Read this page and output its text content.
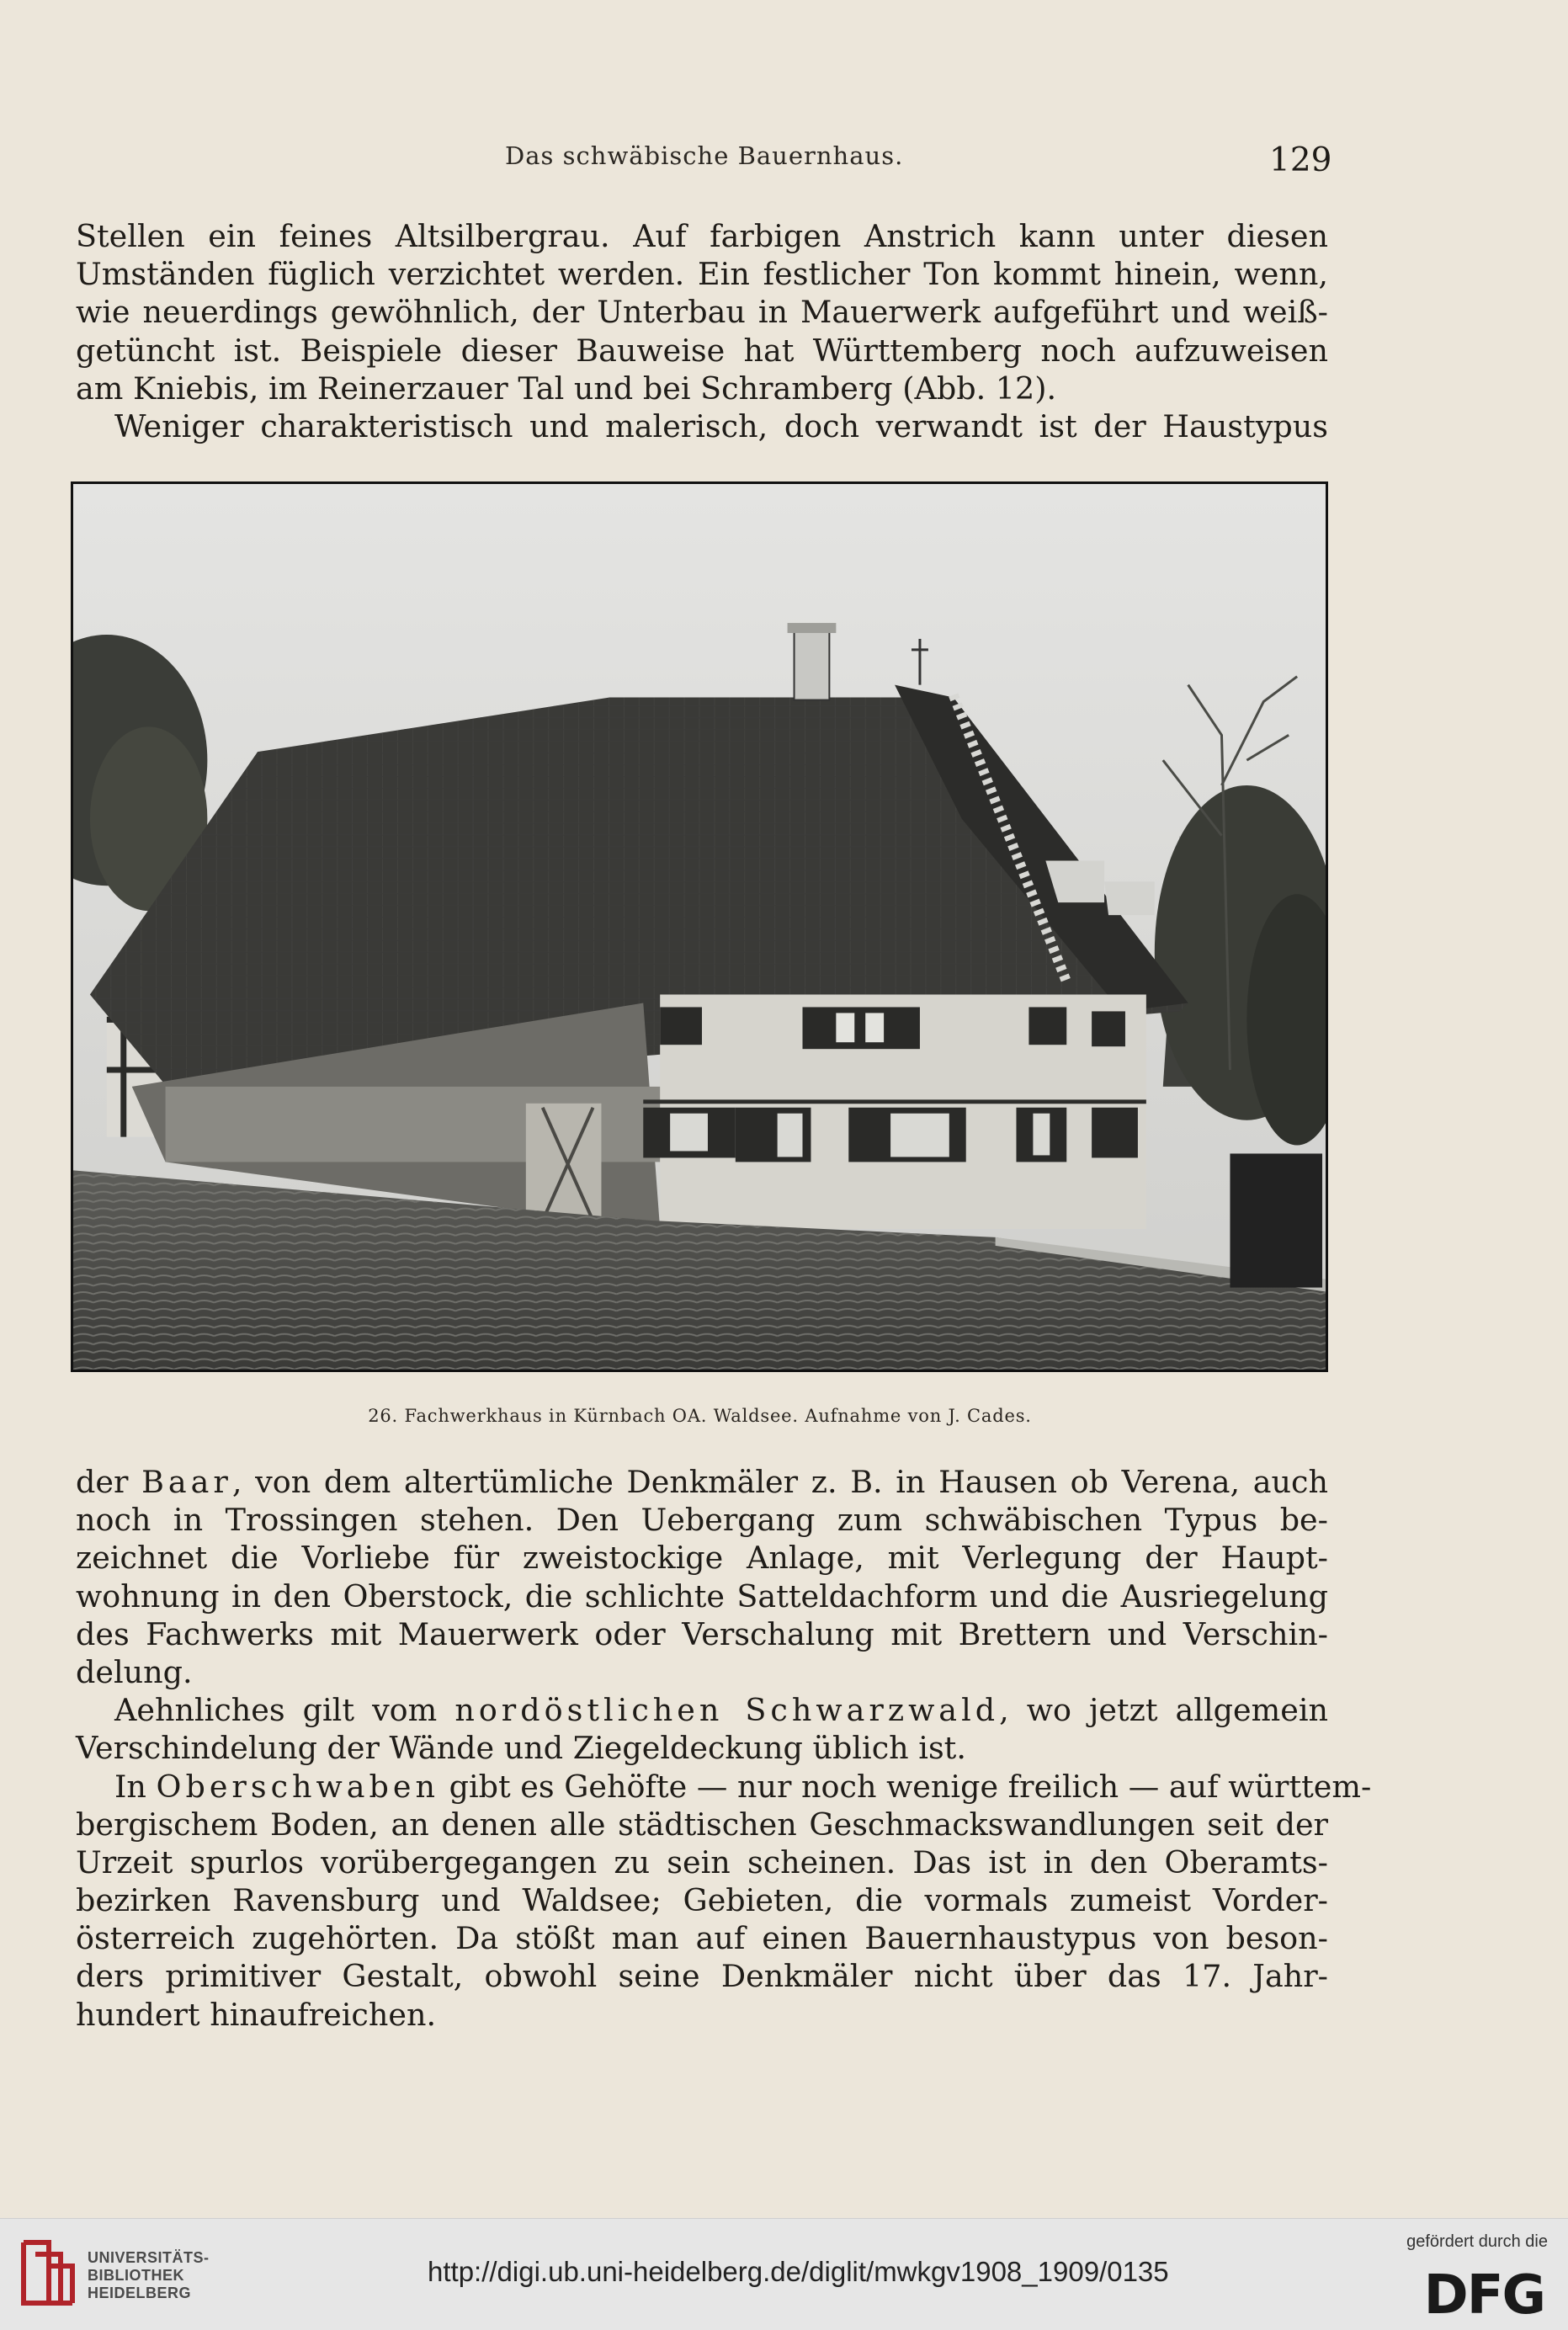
Das schwäbische Bauernhaus.	129
Stellen ein feines Altsilbergrau. Auf farbigen Anstrich kann unter diesen
Umständen füglich verzichtet werden. Ein festlicher Ton kommt hinein, wenn,
wie neuerdings gewöhnlich, der Unterbau in Mauerwerk aufgeführt und weiß-
getüncht ist. Beispiele dieser Bauweise hat Württemberg noch aufzuweisen
am Kniebis, im Reinerzauer Tal und bei Schramberg (Abb. 12).
Weniger charakteristisch und malerisch, doch verwandt ist der Haustypus
26. Fachwerkhaus in Kürnbach OA. Waldsee. Aufnahme von J. Cades.
der Baar, von dem altertümliche Denkmäler z. B. in Hausen ob Verena, auch
noch in Trossingen stehen. Den Uebergang zum schwäbischen Typus be-
zeichnet die Vorliebe für zweistockige Anlage, mit Verlegung der Haupt-
wohnung in den Oberstock, die schlichte Satteldachform und die Ausriegelung
des Fachwerks mit Mauerwerk oder Verschalung mit Brettern und Verschin-
delung.
Aehnliches gilt vom nordöstlichen Schwarzwald, wo jetzt allgemein
Verschindelung der Wände und Ziegeldeckung üblich ist.
In Oberschwaben gibt es Gehöfte — nur noch wenige freilich — auf württem-
bergischem Boden, an denen alle städtischen Geschmackswandlungen seit der
Urzeit spurlos vorübergegangen zu sein scheinen. Das ist in den Oberamts-
bezirken Ravensburg und Waldsee; Gebieten, die vormals zumeist Vorder-
österreich zugehörten. Da stößt man auf einen Bauernhaustypus von beson-
ders primitiver Gestalt, obwohl seine Denkmäler nicht über das 17. Jahr-
hundert hinaufreichen.
UNIVERSITÄTS-
BIBLIOTHEK
HEIDELBERG
http://digi.ub.uni-heidelberg.de/diglit/mwkgv1908_1909/0135
gefördert durch die
DFG
